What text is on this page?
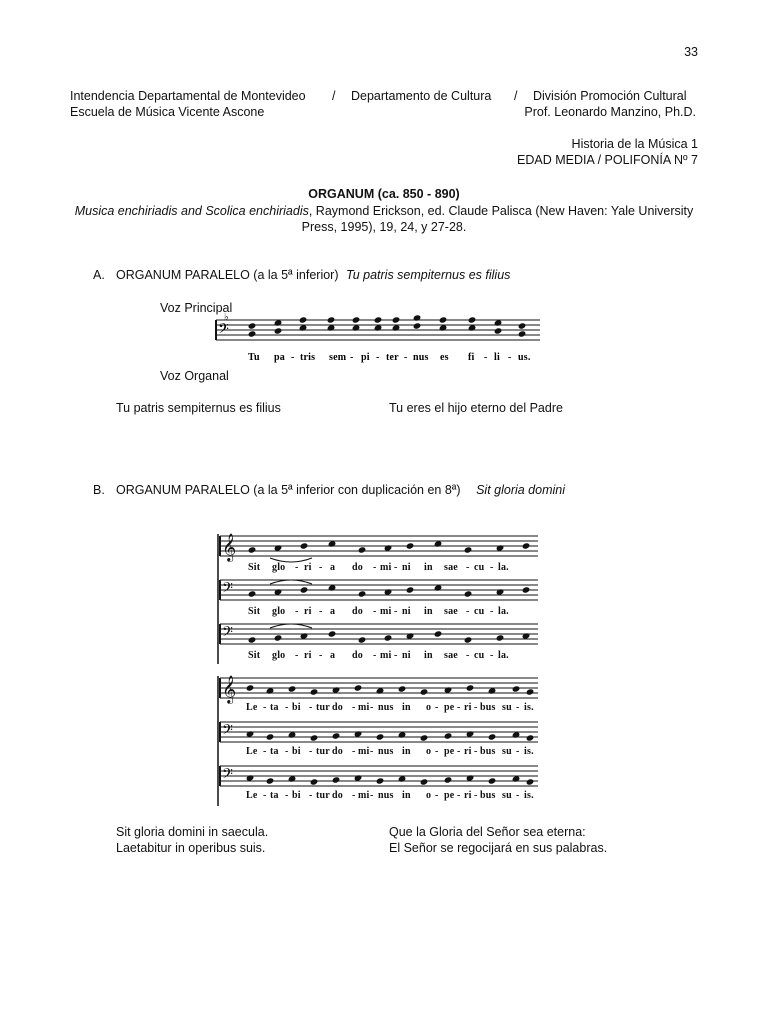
33
Intendencia Departamental de Montevideo / Departamento de Cultura / División Promoción Cultural
Escuela de Música Vicente Ascone	Prof. Leonardo Manzino, Ph.D.
Historia de la Música 1
EDAD MEDIA / POLIFONÍA Nº 7
ORGANUM (ca. 850 - 890)
Musica enchiriadis and Scolica enchiriadis, Raymond Erickson, ed. Claude Palisca (New Haven: Yale University
Press, 1995), 19, 24, y 27-28.
A. ORGANUM PARALELO (a la 5ª inferior) Tu patris sempiternus es filius
Voz Principal
Voz Organal
𝄢
♭
Tu pa - tris sem - pi - ter - nus es fi - li - us.
Tu patris sempiternus es filius	Tu eres el hijo eterno del Padre
B. ORGANUM PARALELO (a la 5ª inferior con duplicación en 8ª) Sit gloria domini
𝄞
Sit glo - ri - a do - mi - ni in sae - cu - la.
𝄢
Sit glo - ri - a do - mi - ni in sae - cu - la.
𝄢
Sit glo - ri - a do - mi - ni in sae - cu - la.
𝄞
Le - ta - bi - tur do - mi - nus in o - pe - ri - bus su - is.
𝄢
Le - ta - bi - tur do - mi - nus in o - pe - ri - bus su - is.
𝄢
Le - ta - bi - tur do - mi - nus in o - pe - ri - bus su - is.
Sit gloria domini in saecula.
Laetabitur in operibus suis.
Que la Gloria del Señor sea eterna:
El Señor se regocijará en sus palabras.
